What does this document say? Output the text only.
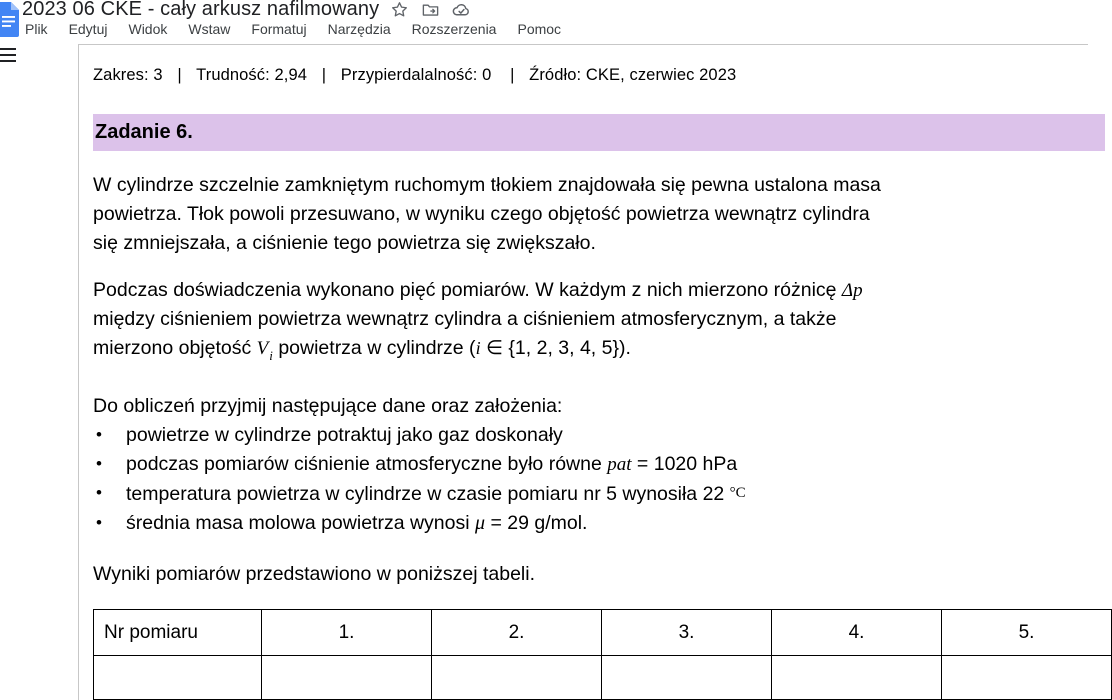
2023 06 CKE - cały arkusz nafilmowany
Plik Edytuj Widok Wstaw Formatuj Narzędzia Rozszerzenia Pomoc
Zakres: 3 | Trudność: 2,94 | Przypierdalalność: 0 | Źródło: CKE, czerwiec 2023
Zadanie 6.
W cylindrze szczelnie zamkniętym ruchomym tłokiem znajdowała się pewna ustalona masa
powietrza. Tłok powoli przesuwano, w wyniku czego objętość powietrza wewnątrz cylindra
się zmniejszała, a ciśnienie tego powietrza się zwiększało.
Podczas doświadczenia wykonano pięć pomiarów. W każdym z nich mierzono różnicę Δp
między ciśnieniem powietrza wewnątrz cylindra a ciśnieniem atmosferycznym, a także
mierzono objętość $V_i$ powietrza w cylindrze (i ∈ {1, 2, 3, 4, 5}).
Do obliczeń przyjmij następujące dane oraz założenia:
• powietrze w cylindrze potraktuj jako gaz doskonały
• podczas pomiarów ciśnienie atmosferyczne było równe pat = 1020 hPa
• temperatura powietrza w cylindrze w czasie pomiaru nr 5 wynosiła 22 °C
• średnia masa molowa powietrza wynosi μ = 29 g/mol.
Wyniki pomiarów przedstawiono w poniższej tabeli.
Nr pomiaru	1.	2.	3.	4.	5.
